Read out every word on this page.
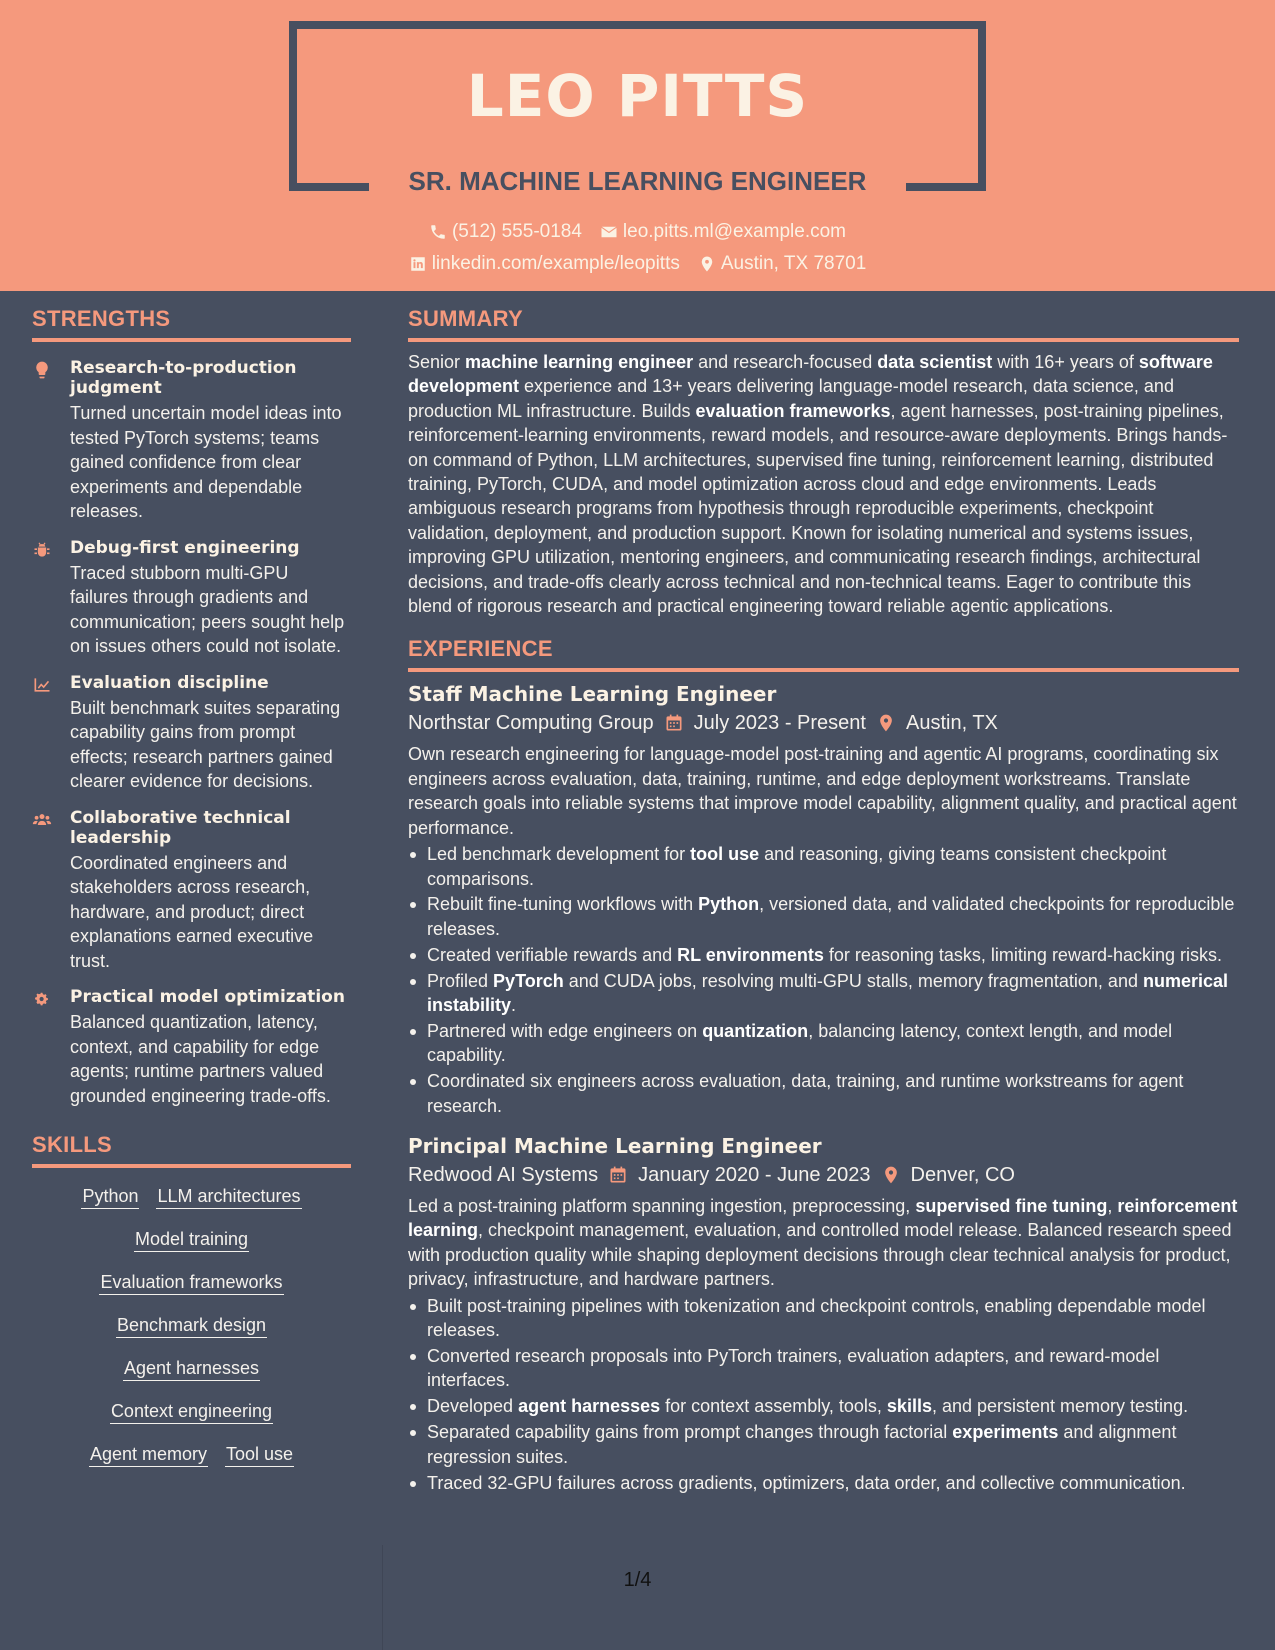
LEO PITTS
SR. MACHINE LEARNING ENGINEER
(512) 555-0184 leo.pitts.ml@example.com
linkedin.com/example/leopitts Austin, TX 78701
STRENGTHS
Research-to-production judgment
Turned uncertain model ideas into tested PyTorch systems; teams gained confidence from clear experiments and dependable releases.
Debug-first engineering
Traced stubborn multi-GPU failures through gradients and communication; peers sought help on issues others could not isolate.
Evaluation discipline
Built benchmark suites separating capability gains from prompt effects; research partners gained clearer evidence for decisions.
Collaborative technical leadership
Coordinated engineers and stakeholders across research, hardware, and product; direct explanations earned executive trust.
Practical model optimization
Balanced quantization, latency, context, and capability for edge agents; runtime partners valued grounded engineering trade-offs.
SKILLS
Python LLM architectures
Model training
Evaluation frameworks
Benchmark design
Agent harnesses
Context engineering
Agent memory Tool use
SUMMARY

Senior machine learning engineer and research-focused data scientist with 16+ years of software development experience and 13+ years delivering language-model research, data science, and production ML infrastructure. Builds evaluation frameworks, agent harnesses, post-training pipelines, reinforcement-learning environments, reward models, and resource-aware deployments. Brings hands-on command of Python, LLM architectures, supervised fine tuning, reinforcement learning, distributed training, PyTorch, CUDA, and model optimization across cloud and edge environments. Leads ambiguous research programs from hypothesis through reproducible experiments, checkpoint validation, deployment, and production support. Known for isolating numerical and systems issues, improving GPU utilization, mentoring engineers, and communicating research findings, architectural decisions, and trade-offs clearly across technical and non-technical teams. Eager to contribute this blend of rigorous research and practical engineering toward reliable agentic applications.

EXPERIENCE
Staff Machine Learning Engineer
Northstar Computing Group July 2023 - Present Austin, TX

Own research engineering for language-model post-training and agentic AI programs, coordinating six engineers across evaluation, data, training, runtime, and edge deployment workstreams. Translate research goals into reliable systems that improve model capability, alignment quality, and practical agent performance.

Led benchmark development for tool use and reasoning, giving teams consistent checkpoint comparisons.
Rebuilt fine-tuning workflows with Python, versioned data, and validated checkpoints for reproducible releases.
Created verifiable rewards and RL environments for reasoning tasks, limiting reward-hacking risks.
Profiled PyTorch and CUDA jobs, resolving multi-GPU stalls, memory fragmentation, and numerical instability.
Partnered with edge engineers on quantization, balancing latency, context length, and model capability.
Coordinated six engineers across evaluation, data, training, and runtime workstreams for agent research.
Principal Machine Learning Engineer
Redwood AI Systems January 2020 - June 2023 Denver, CO

Led a post-training platform spanning ingestion, preprocessing, supervised fine tuning, reinforcement learning, checkpoint management, evaluation, and controlled model release. Balanced research speed with production quality while shaping deployment decisions through clear technical analysis for product, privacy, infrastructure, and hardware partners.

Built post-training pipelines with tokenization and checkpoint controls, enabling dependable model releases.
Converted research proposals into PyTorch trainers, evaluation adapters, and reward-model interfaces.
Developed agent harnesses for context assembly, tools, skills, and persistent memory testing.
Separated capability gains from prompt changes through factorial experiments and alignment regression suites.
Traced 32-GPU failures across gradients, optimizers, data order, and collective communication.
1/4
